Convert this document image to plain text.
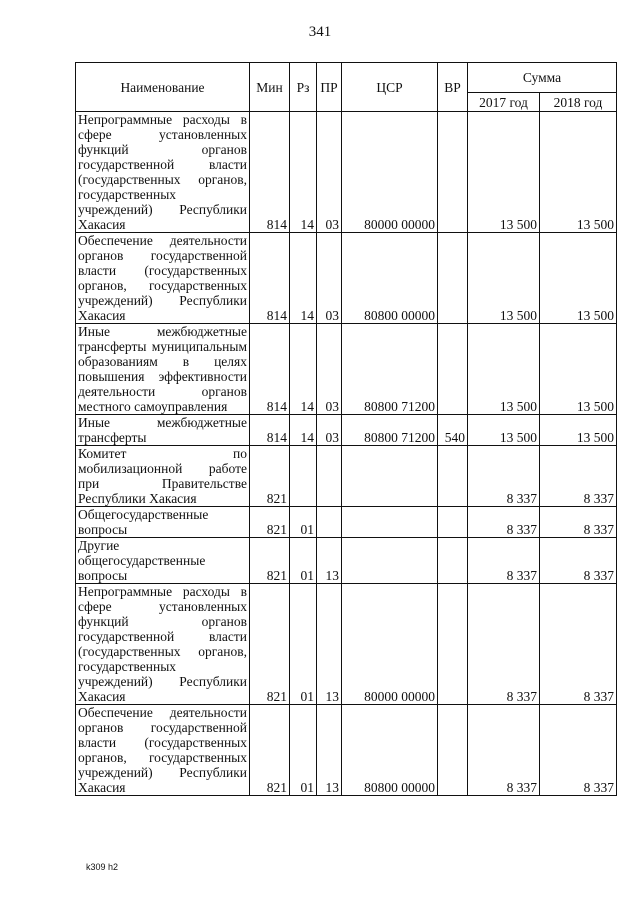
341
Наименование	Мин	Рз	ПР	ЦСР	ВР	Сумма	
						2017 год	2018 год
Непрограммные расходы в сфере установленных функций органов государственной власти (государственных органов, государственных учреждений) Республики Хакасия	814	14	03	80000 00000		13 500	13 500
Обеспечение деятельности органов государственной власти (государственных органов, государственных учреждений) Республики Хакасия	814	14	03	80800 00000		13 500	13 500
Иные межбюджетные трансферты муниципальным образованиям в целях повышения эффективности деятельности органов местного самоуправления	814	14	03	80800 71200		13 500	13 500
Иные межбюджетные трансферты	814	14	03	80800 71200	540	13 500	13 500
Комитет по мобилизационной работе при Правительстве Республики Хакасия	821					8 337	8 337
Общегосударственные вопросы	821	01				8 337	8 337
Другие общегосударственные вопросы	821	01	13			8 337	8 337
Непрограммные расходы в сфере установленных функций органов государственной власти (государственных органов, государственных учреждений) Республики Хакасия	821	01	13	80000 00000		8 337	8 337
Обеспечение деятельности органов государственной власти (государственных органов, государственных учреждений) Республики Хакасия	821	01	13	80800 00000		8 337	8 337
k309 h2
